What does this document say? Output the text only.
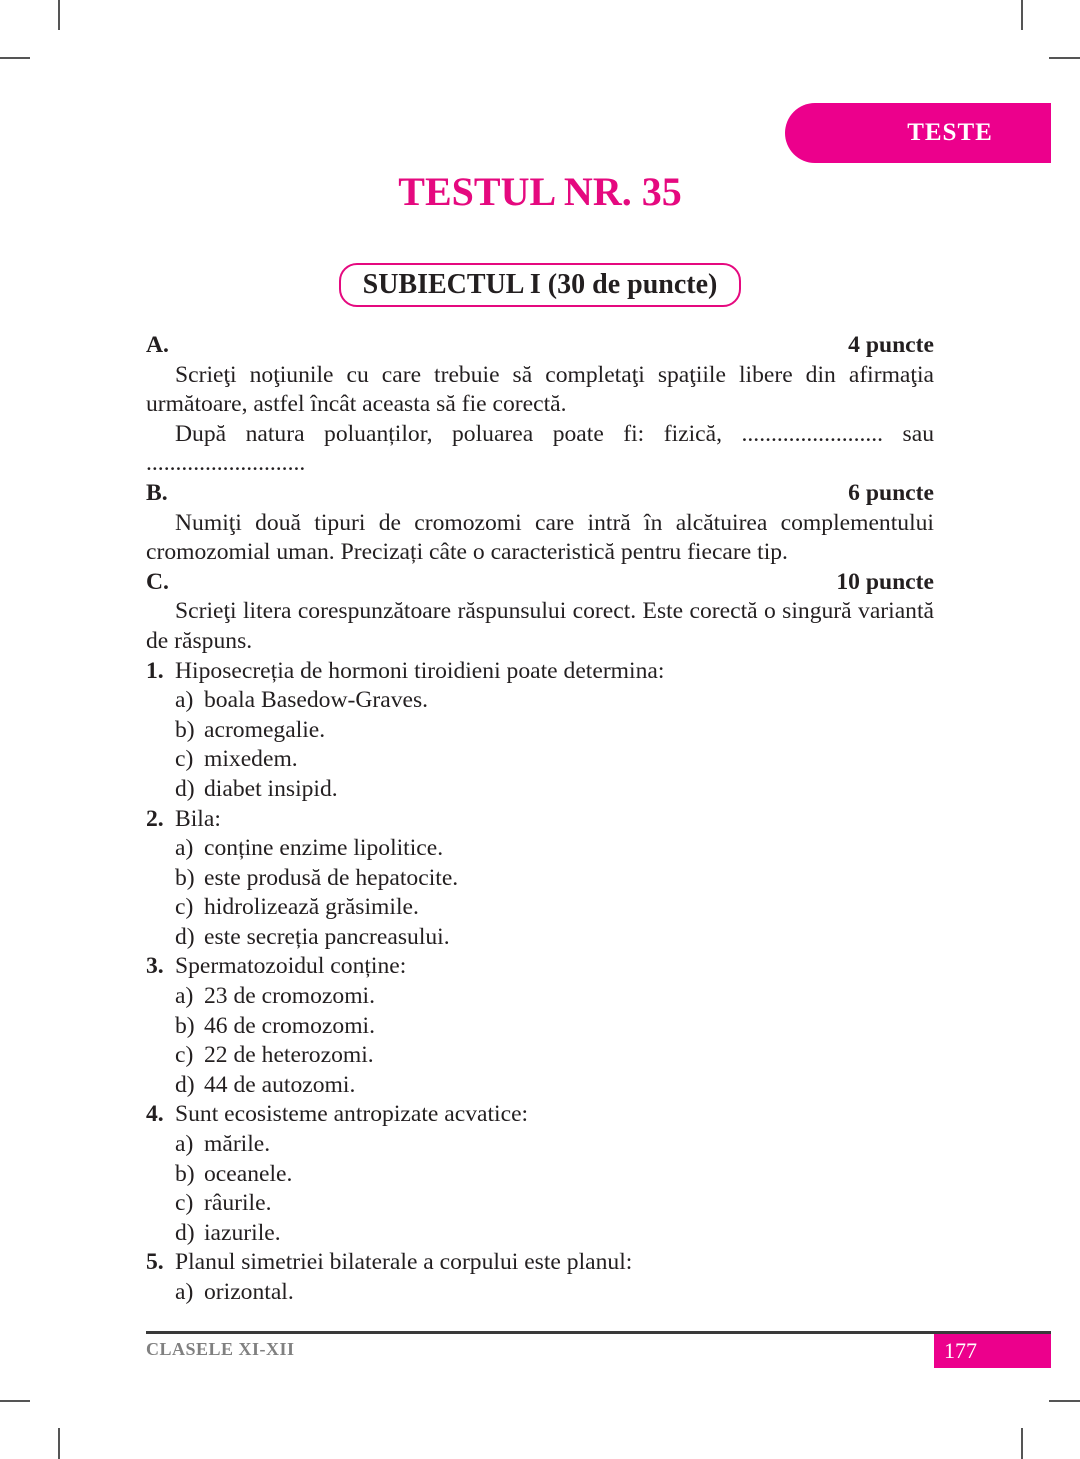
TESTE
TESTUL NR. 35
SUBIECTUL I (30 de puncte)
A.	4 puncte

Scrieţi noţiunile cu care trebuie să completaţi spaţiile libere din afirmaţia următoare, astfel încât aceasta să fie corectă.

După natura poluanților, poluarea poate fi: fizică, ........................ sau ...........................

B.	6 puncte

Numiţi două tipuri de cromozomi care intră în alcătuirea complementului cromozomial uman. Precizați câte o caracteristică pentru fiecare tip.

C.	10 puncte

Scrieţi litera corespunzătoare răspunsului corect. Este corectă o singură variantă de răspuns.

1. Hiposecreția de hormoni tiroidieni poate determina:
a) boala Basedow-Graves.
b) acromegalie.
c) mixedem.
d) diabet insipid.
2. Bila:
a) conține enzime lipolitice.
b) este produsă de hepatocite.
c) hidrolizează grăsimile.
d) este secreția pancreasului.
3. Spermatozoidul conține:
a) 23 de cromozomi.
b) 46 de cromozomi.
c) 22 de heterozomi.
d) 44 de autozomi.
4. Sunt ecosisteme antropizate acvatice:
a) mările.
b) oceanele.
c) râurile.
d) iazurile.
5. Planul simetriei bilaterale a corpului este planul:
a) orizontal.
CLASELE XI-XII	177
